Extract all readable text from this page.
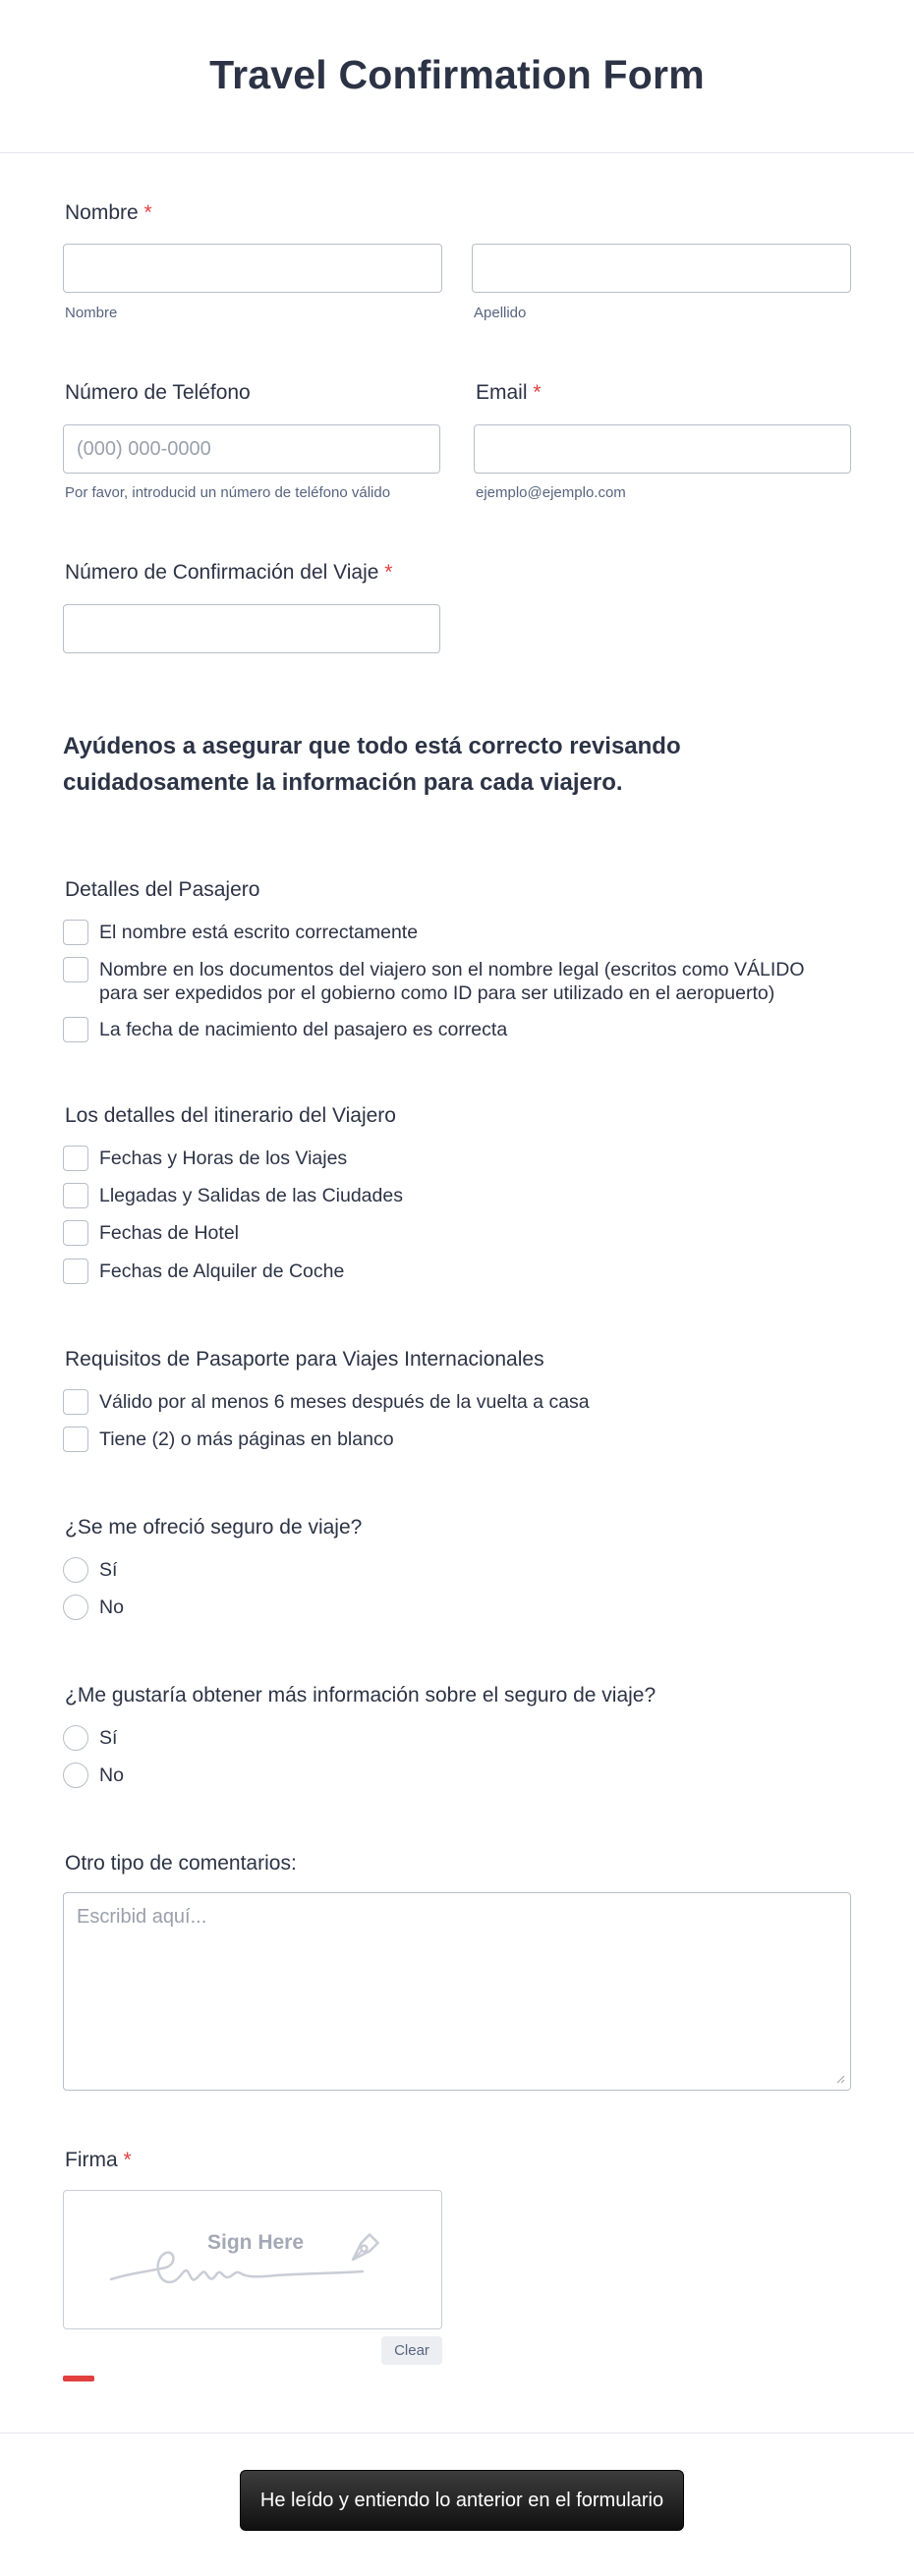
Travel Confirmation Form
Nombre *
Nombre	Apellido
Número de Teléfono
(000) 000-0000
Por favor, introducid un número de teléfono válido
Email *
ejemplo@ejemplo.com
Número de Confirmación del Viaje *
Ayúdenos a asegurar que todo está correcto revisando cuidadosamente la información para cada viajero.
Detalles del Pasajero
El nombre está escrito correctamente
Nombre en los documentos del viajero son el nombre legal (escritos como VÁLIDO para ser expedidos por el gobierno como ID para ser utilizado en el aeropuerto)
La fecha de nacimiento del pasajero es correcta
Los detalles del itinerario del Viajero
Fechas y Horas de los Viajes
Llegadas y Salidas de las Ciudades
Fechas de Hotel
Fechas de Alquiler de Coche
Requisitos de Pasaporte para Viajes Internacionales
Válido por al menos 6 meses después de la vuelta a casa
Tiene (2) o más páginas en blanco
¿Se me ofreció seguro de viaje?
Sí
No
¿Me gustaría obtener más información sobre el seguro de viaje?
Sí
No
Otro tipo de comentarios:
Escribid aquí...
Firma *
Sign Here
Clear
He leído y entiendo lo anterior en el formulario
